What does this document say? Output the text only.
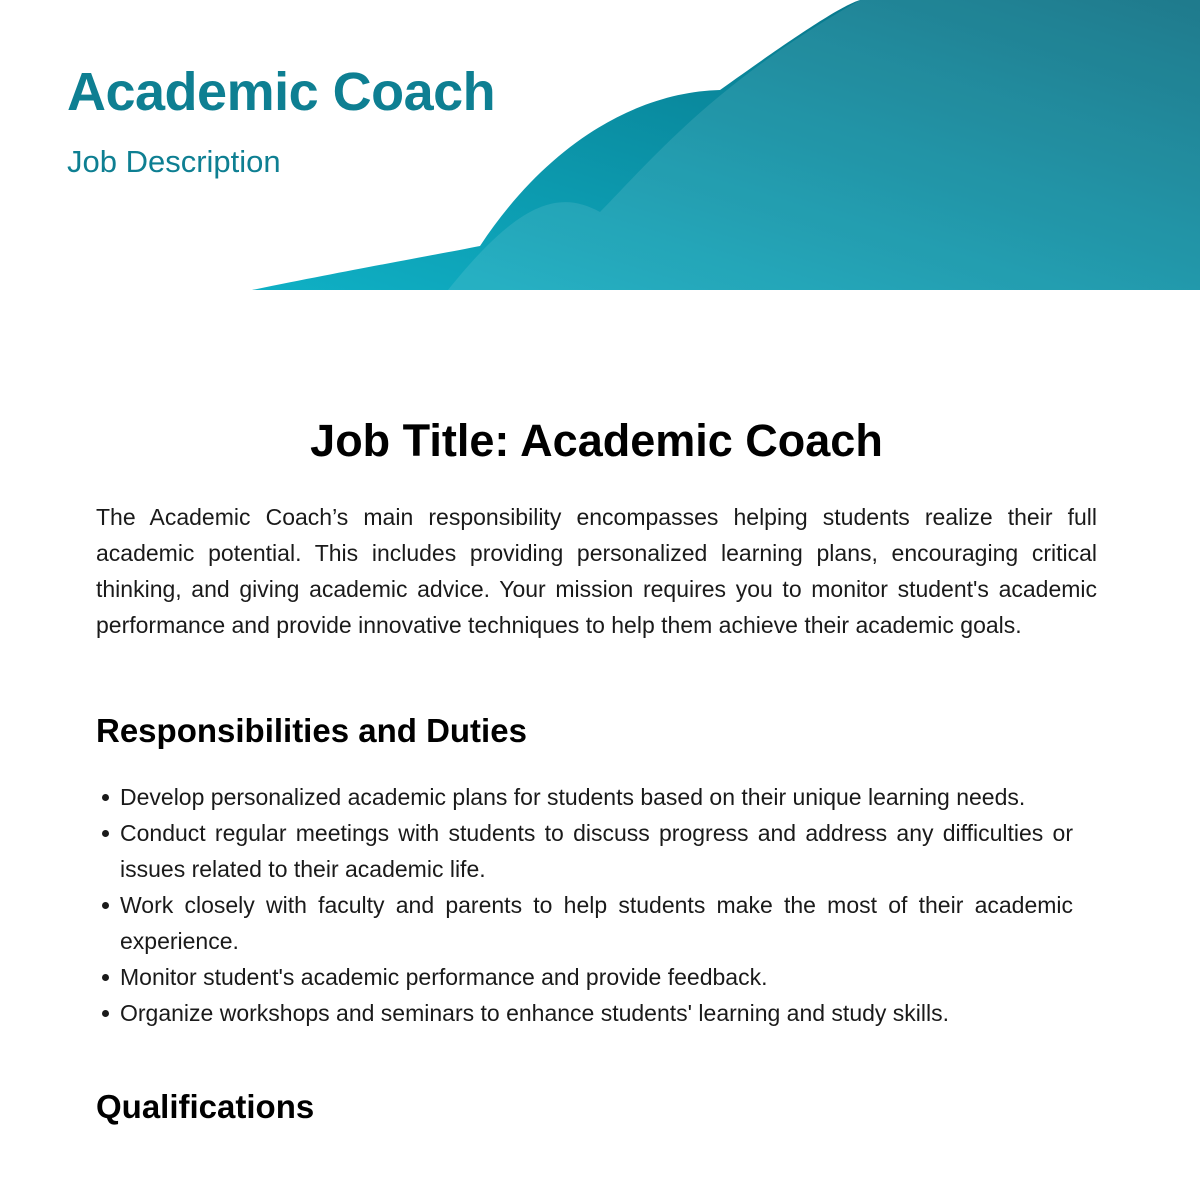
Academic Coach
Job Description
Job Title: Academic Coach

The Academic Coach’s main responsibility encompasses helping students realize their full academic potential. This includes providing personalized learning plans, encouraging critical thinking, and giving academic advice. Your mission requires you to monitor student's academic performance and provide innovative techniques to help them achieve their academic goals.

Responsibilities and Duties
Develop personalized academic plans for students based on their unique learning needs.
Conduct regular meetings with students to discuss progress and address any difficulties or issues related to their academic life.
Work closely with faculty and parents to help students make the most of their academic experience.
Monitor student's academic performance and provide feedback.
Organize workshops and seminars to enhance students' learning and study skills.
Qualifications
